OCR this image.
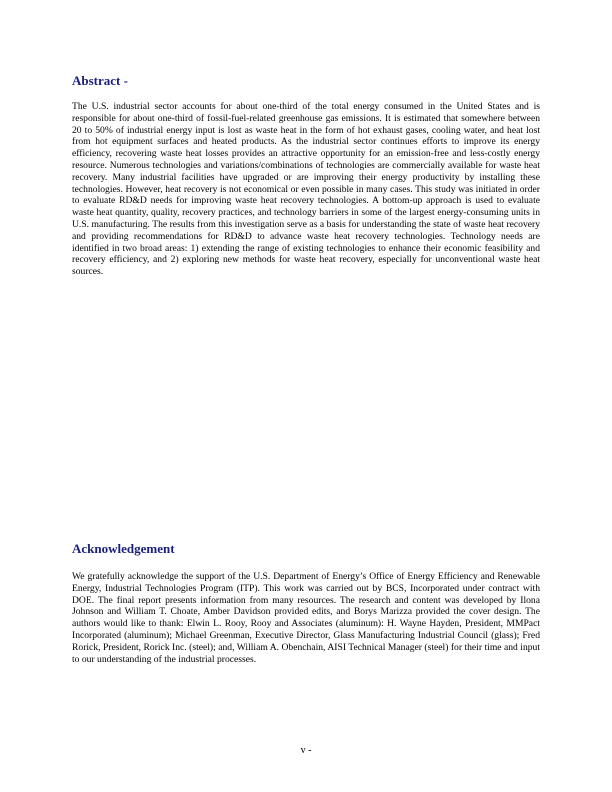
Abstract -

The U.S. industrial sector accounts for about one-third of the total energy consumed in the United States and is responsible for about one-third of fossil-fuel-related greenhouse gas emissions. It is estimated that somewhere between 20 to 50% of industrial energy input is lost as waste heat in the form of hot exhaust gases, cooling water, and heat lost from hot equipment surfaces and heated products. As the industrial sector continues efforts to improve its energy efficiency, recovering waste heat losses provides an attractive opportunity for an emission-free and less-costly energy resource. Numerous technologies and variations/combinations of technologies are commercially available for waste heat recovery. Many industrial facilities have upgraded or are improving their energy productivity by installing these technologies. However, heat recovery is not economical or even possible in many cases. This study was initiated in order to evaluate RD&D needs for improving waste heat recovery technologies. A bottom-up approach is used to evaluate waste heat quantity, quality, recovery practices, and technology barriers in some of the largest energy-consuming units in U.S. manufacturing. The results from this investigation serve as a basis for understanding the state of waste heat recovery and providing recommendations for RD&D to advance waste heat recovery technologies. Technology needs are identified in two broad areas: 1) extending the range of existing technologies to enhance their economic feasibility and recovery efficiency, and 2) exploring new methods for waste heat recovery, especially for unconventional waste heat sources.

Acknowledgement

We gratefully acknowledge the support of the U.S. Department of Energy’s Office of Energy Efficiency and Renewable Energy, Industrial Technologies Program (ITP). This work was carried out by BCS, Incorporated under contract with DOE. The final report presents information from many resources. The research and content was developed by Ilona Johnson and William T. Choate, Amber Davidson provided edits, and Borys Marizza provided the cover design. The authors would like to thank: Elwin L. Rooy, Rooy and Associates (aluminum): H. Wayne Hayden, President, MMPact Incorporated (aluminum); Michael Greenman, Executive Director, Glass Manufacturing Industrial Council (glass); Fred Rorick, President, Rorick Inc. (steel); and, William A. Obenchain, AISI Technical Manager (steel) for their time and input to our understanding of the industrial processes.

v -
